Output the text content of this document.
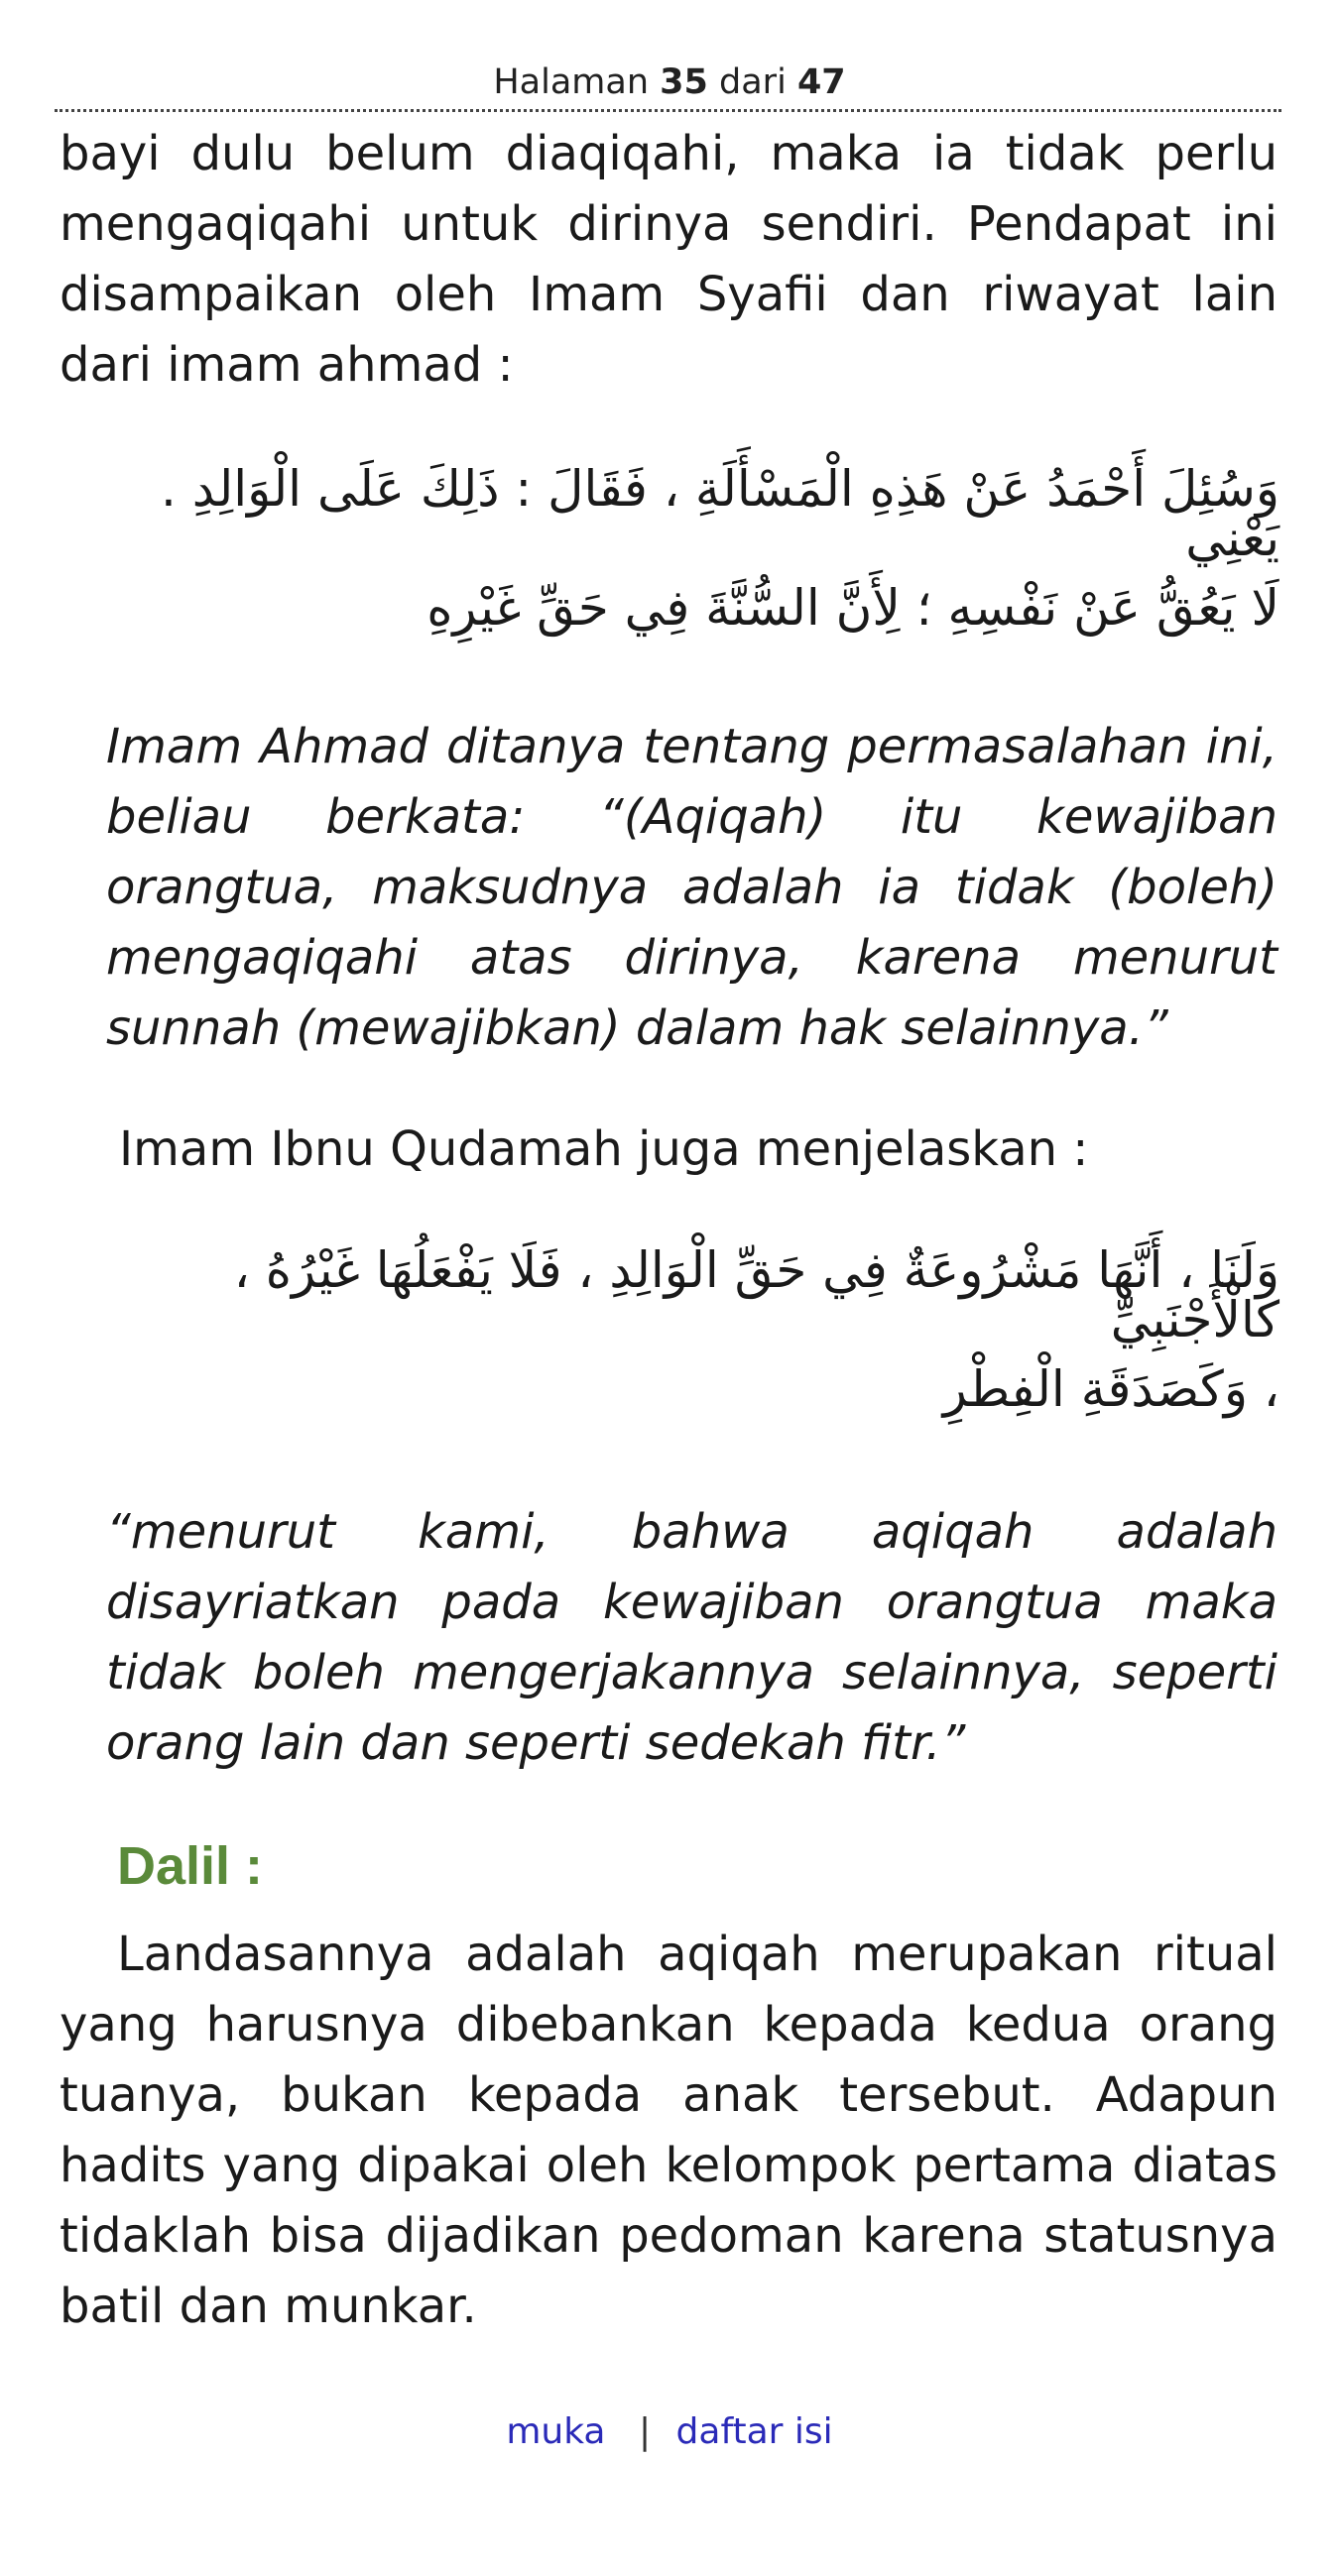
Halaman 35 dari 47
bayi dulu belum diaqiqahi, maka ia tidak perlu mengaqiqahi untuk dirinya sendiri. Pendapat ini disampaikan oleh Imam Syafii dan riwayat lain dari imam ahmad :
وَسُئِلَ أَحْمَدُ عَنْ هَذِهِ الْمَسْأَلَةِ ، فَقَالَ : ذَلِكَ عَلَى الْوَالِدِ . يَعْنِي
لَا يَعُقُّ عَنْ نَفْسِهِ ؛ لِأَنَّ السُّنَّةَ فِي حَقِّ غَيْرِهِ
Imam Ahmad ditanya tentang permasalahan ini, beliau berkata: “(Aqiqah) itu kewajiban orangtua, maksudnya adalah ia tidak (boleh) mengaqiqahi atas dirinya, karena menurut sunnah (mewajibkan) dalam hak selainnya.”
Imam Ibnu Qudamah juga menjelaskan :
وَلَنَا ، أَنَّهَا مَشْرُوعَةٌ فِي حَقِّ الْوَالِدِ ، فَلَا يَفْعَلُهَا غَيْرُهُ ، كَالْأَجْنَبِيِّ
، وَكَصَدَقَةِ الْفِطْرِ
“menurut kami, bahwa aqiqah adalah disayriatkan pada kewajiban orangtua maka tidak boleh mengerjakannya selainnya, seperti orang lain dan seperti sedekah fitr.”
Dalil :
Landasannya adalah aqiqah merupakan ritual yang harusnya dibebankan kepada kedua orang tuanya, bukan kepada anak tersebut. Adapun hadits yang dipakai oleh kelompok pertama diatas tidaklah bisa dijadikan pedoman karena statusnya batil dan munkar.
muka | daftar isi
